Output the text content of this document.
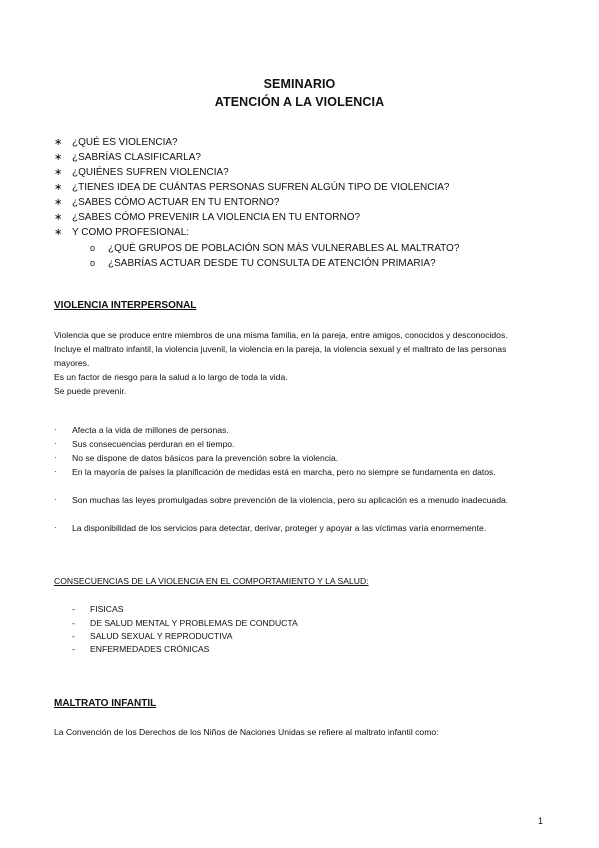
SEMINARIO
ATENCIÓN A LA VIOLENCIA
∗ ¿QUÉ ES VIOLENCIA?
∗ ¿SABRÍAS CLASIFICARLA?
∗ ¿QUIÉNES SUFREN VIOLENCIA?
∗ ¿TIENES IDEA DE CUÁNTAS PERSONAS SUFREN ALGÚN TIPO DE VIOLENCIA?
∗ ¿SABES CÓMO ACTUAR EN TU ENTORNO?
∗ ¿SABES CÓMO PREVENIR LA VIOLENCIA EN TU ENTORNO?
∗ Y COMO PROFESIONAL:
o ¿QUÉ GRUPOS DE POBLACIÓN SON MÁS VULNERABLES AL MALTRATO?
o ¿SABRÍAS ACTUAR DESDE TU CONSULTA DE ATENCIÓN PRIMARIA?
VIOLENCIA INTERPERSONAL
Violencia que se produce entre miembros de una misma familia, en la pareja, entre amigos, conocidos y desconocidos.
Incluye el maltrato infantil, la violencia juvenil, la violencia en la pareja, la violencia sexual y el maltrato de las personas mayores.
Es un factor de riesgo para la salud a lo largo de toda la vida.
Se puede prevenir.
· Afecta a la vida de millones de personas.
· Sus consecuencias perduran en el tiempo.
· No se dispone de datos básicos para la prevención sobre la violencia.
· En la mayoría de países la planificación de medidas está en marcha, pero no siempre se fundamenta en datos.
· Son muchas las leyes promulgadas sobre prevención de la violencia, pero su aplicación es a menudo inadecuada.
· La disponibilidad de los servicios para detectar, derivar, proteger y apoyar a las víctimas varía enormemente.
CONSECUENCIAS DE LA VIOLENCIA EN EL COMPORTAMIENTO Y LA SALUD:
- FISICAS
- DE SALUD MENTAL Y PROBLEMAS DE CONDUCTA
- SALUD SEXUAL Y REPRODUCTIVA
- ENFERMEDADES CRÓNICAS
MALTRATO INFANTIL
La Convención de los Derechos de los Niños de Naciones Unidas se refiere al maltrato infantil como:
1
